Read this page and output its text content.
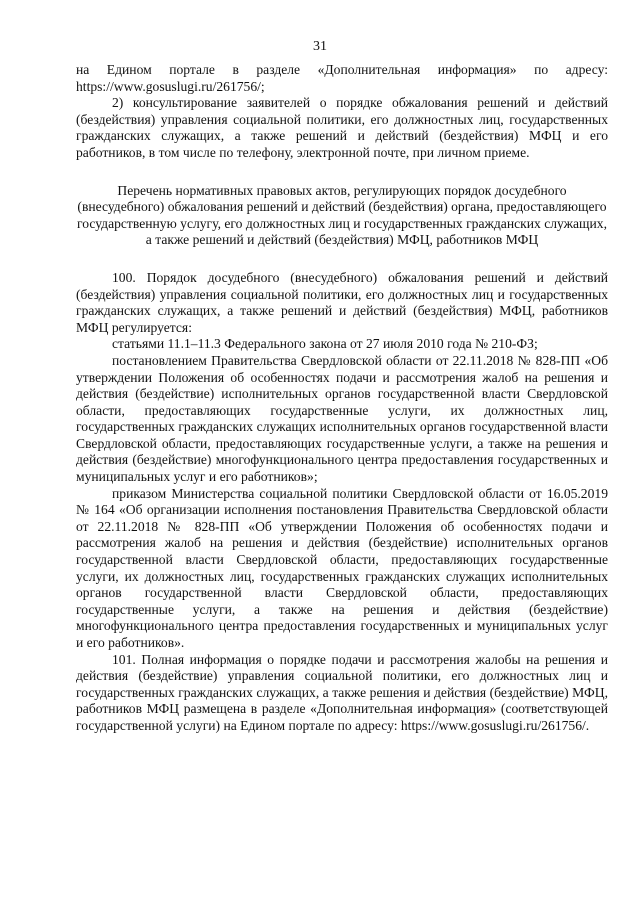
31

на Едином портале в разделе «Дополнительная информация» по адресу: https://www.gosuslugi.ru/261756/;

2) консультирование заявителей о порядке обжалования решений и действий (бездействия) управления социальной политики, его должностных лиц, государственных гражданских служащих, а также решений и действий (бездействия) МФЦ и его работников, в том числе по телефону, электронной почте, при личном приеме.

Перечень нормативных правовых актов, регулирующих порядок досудебного (внесудебного) обжалования решений и действий (бездействия) органа, предоставляющего государственную услугу, его должностных лиц и государственных гражданских служащих, а также решений и действий (бездействия) МФЦ, работников МФЦ

100. Порядок досудебного (внесудебного) обжалования решений и действий (бездействия) управления социальной политики, его должностных лиц и государственных гражданских служащих, а также решений и действий (бездействия) МФЦ, работников МФЦ регулируется:

статьями 11.1–11.3 Федерального закона от 27 июля 2010 года № 210-ФЗ;

постановлением Правительства Свердловской области от 22.11.2018 № 828-ПП «Об утверждении Положения об особенностях подачи и рассмотрения жалоб на решения и действия (бездействие) исполнительных органов государственной власти Свердловской области, предоставляющих государственные услуги, их должностных лиц, государственных гражданских служащих исполнительных органов государственной власти Свердловской области, предоставляющих государственные услуги, а также на решения и действия (бездействие) многофункционального центра предоставления государственных и муниципальных услуг и его работников»;

приказом Министерства социальной политики Свердловской области от 16.05.2019 № 164 «Об организации исполнения постановления Правительства Свердловской области от 22.11.2018 № 828-ПП «Об утверждении Положения об особенностях подачи и рассмотрения жалоб на решения и действия (бездействие) исполнительных органов государственной власти Свердловской области, предоставляющих государственные услуги, их должностных лиц, государственных гражданских служащих исполнительных органов государственной власти Свердловской области, предоставляющих государственные услуги, а также на решения и действия (бездействие) многофункционального центра предоставления государственных и муниципальных услуг и его работников».

101. Полная информация о порядке подачи и рассмотрения жалобы на решения и действия (бездействие) управления социальной политики, его должностных лиц и государственных гражданских служащих, а также решения и действия (бездействие) МФЦ, работников МФЦ размещена в разделе «Дополнительная информация» (соответствующей государственной услуги) на Едином портале по адресу: https://www.gosuslugi.ru/261756/.
